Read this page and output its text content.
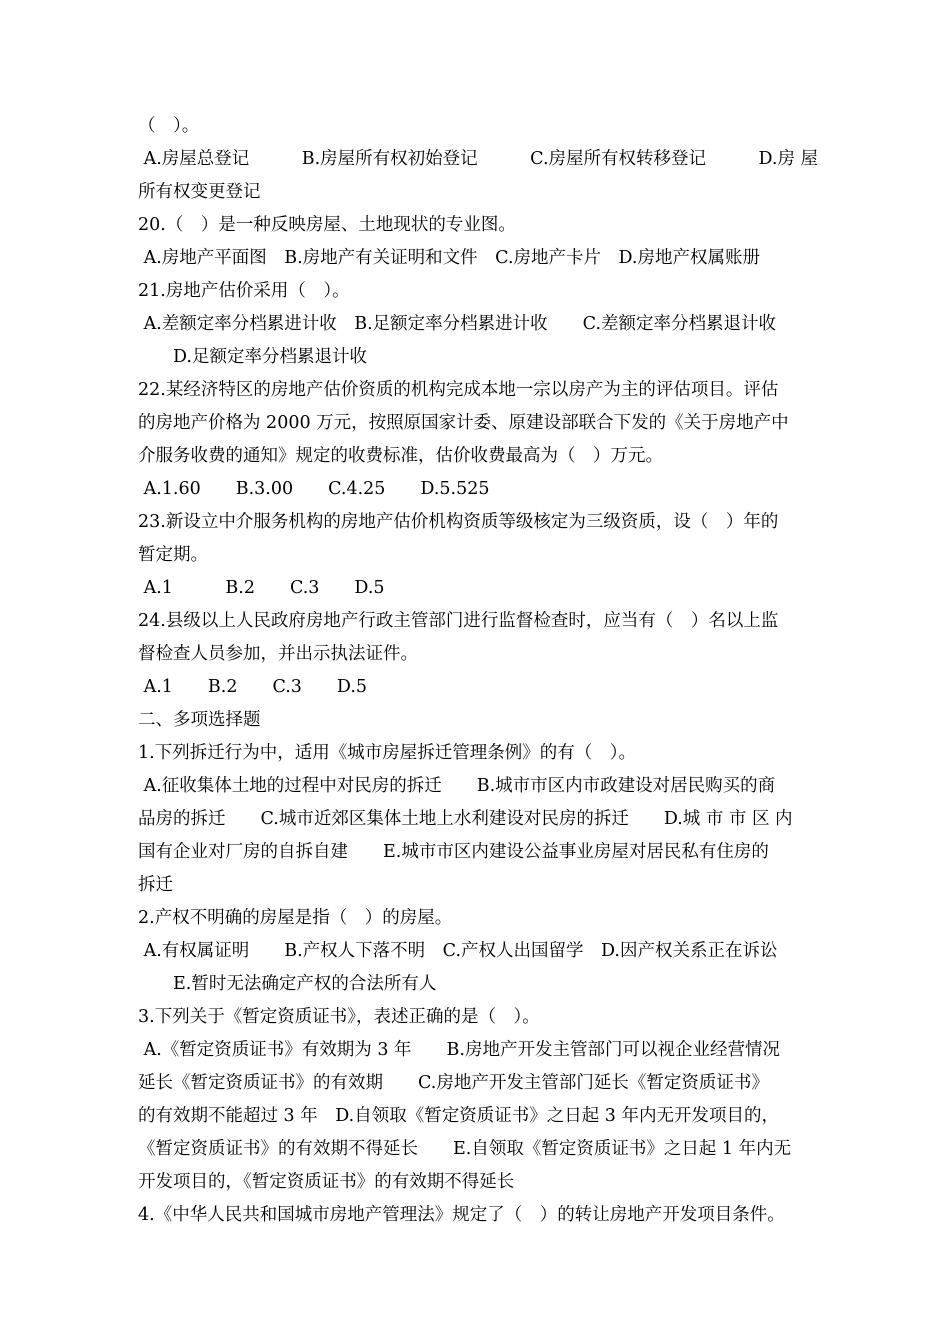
（　）。
A.房屋总登记　　　B.房屋所有权初始登记　　　C.房屋所有权转移登记　　　D.房 屋
所有权变更登记
20.（　）是一种反映房屋、土地现状的专业图。
A.房地产平面图　B.房地产有关证明和文件　C.房地产卡片　D.房地产权属账册
21.房地产估价采用（　）。
A.差额定率分档累进计收　B.足额定率分档累进计收　　C.差额定率分档累退计收
　　D.足额定率分档累退计收
22.某经济特区的房地产估价资质的机构完成本地一宗以房产为主的评估项目。评估
的房地产价格为 2000 万元，按照原国家计委、原建设部联合下发的《关于房地产中
介服务收费的通知》规定的收费标准，估价收费最高为（　）万元。
A.1.60　　B.3.00　　C.4.25　　D.5.525
23.新设立中介服务机构的房地产估价机构资质等级核定为三级资质，设（　）年的
暂定期。
A.1　　　B.2　　C.3　　D.5
24.县级以上人民政府房地产行政主管部门进行监督检查时，应当有（　）名以上监
督检查人员参加，并出示执法证件。
A.1　　B.2　　C.3　　D.5
二、多项选择题
1.下列拆迁行为中，适用《城市房屋拆迁管理条例》的有（　）。
A.征收集体土地的过程中对民房的拆迁　　B.城市市区内市政建设对居民购买的商
品房的拆迁　　C.城市近郊区集体土地上水利建设对民房的拆迁　　D.城 市 市 区 内
国有企业对厂房的自拆自建　　E.城市市区内建设公益事业房屋对居民私有住房的
拆迁
2.产权不明确的房屋是指（　）的房屋。
A.有权属证明　　B.产权人下落不明　C.产权人出国留学　D.因产权关系正在诉讼
　　E.暂时无法确定产权的合法所有人
3.下列关于《暂定资质证书》，表述正确的是（　）。
A.《暂定资质证书》有效期为 3 年　　B.房地产开发主管部门可以视企业经营情况
延长《暂定资质证书》的有效期　　C.房地产开发主管部门延长《暂定资质证书》
的有效期不能超过 3 年　D.自领取《暂定资质证书》之日起 3 年内无开发项目的，
《暂定资质证书》的有效期不得延长　　E.自领取《暂定资质证书》之日起 1 年内无
开发项目的，《暂定资质证书》的有效期不得延长
4.《中华人民共和国城市房地产管理法》规定了（　）的转让房地产开发项目条件。
